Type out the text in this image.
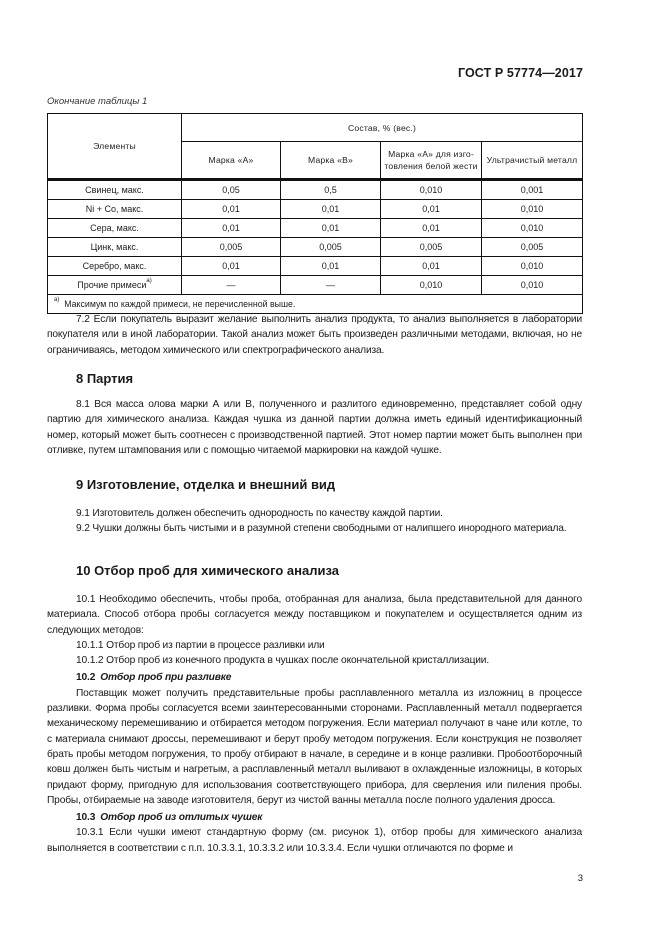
ГОСТ Р 57774—2017
Окончание таблицы 1
Элементы	Состав, % (вес.)			
	Марка «А»	Марка «В»	Марка «А» для изго-товления белой жести	Ультрачистый металл
Свинец, макс.	0,05	0,5	0,010	0,001
Ni + Co, макс.	0,01	0,01	0,01	0,010
Сера, макс.	0,01	0,01	0,01	0,010
Цинк, макс.	0,005	0,005	0,005	0,005
Серебро, макс.	0,01	0,01	0,01	0,010
Прочие примеси$^{a)}$	—	—	0,010	0,010
$^{a)}$ Максимум по каждой примеси, не перечисленной выше.				

7.2 Если покупатель выразит желание выполнить анализ продукта, то анализ выполняется в лаборатории покупателя или в иной лаборатории. Такой анализ может быть произведен различными методами, включая, но не ограничиваясь, методом химического или спектрографического анализа.

8 Партия

8.1 Вся масса олова марки А или В, полученного и разлитого единовременно, представляет собой одну партию для химического анализа. Каждая чушка из данной партии должна иметь единый идентификационный номер, который может быть соотнесен с производственной партией. Этот номер партии может быть выполнен при отливке, путем штампования или с помощью читаемой маркировки на каждой чушке.

9 Изготовление, отделка и внешний вид

9.1 Изготовитель должен обеспечить однородность по качеству каждой партии.

9.2 Чушки должны быть чистыми и в разумной степени свободными от налипшего инородного материала.

10 Отбор проб для химического анализа

10.1 Необходимо обеспечить, чтобы проба, отобранная для анализа, была представительной для данного материала. Способ отбора пробы согласуется между поставщиком и покупателем и осуществляется одним из следующих методов:

10.1.1 Отбор проб из партии в процессе разливки или

10.1.2 Отбор проб из конечного продукта в чушках после окончательной кристаллизации.

10.2 Отбор проб при разливке

Поставщик может получить представительные пробы расплавленного металла из изложниц в процессе разливки. Форма пробы согласуется всеми заинтересованными сторонами. Расплавленный металл подвергается механическому перемешиванию и отбирается методом погружения. Если материал получают в чане или котле, то с материала снимают дроссы, перемешивают и берут пробу методом погружения. Если конструкция не позволяет брать пробы методом погружения, то пробу отбирают в начале, в середине и в конце разливки. Пробоотборочный ковш должен быть чистым и нагретым, а расплавленный металл выливают в охлажденные изложницы, в которых придают форму, пригодную для использования соответствующего прибора, для сверления или пиления пробы. Пробы, отбираемые на заводе изготовителя, берут из чистой ванны металла после полного удаления дросса.

10.3 Отбор проб из отлитых чушек

10.3.1 Если чушки имеют стандартную форму (см. рисунок 1), отбор пробы для химического анализа выполняется в соответствии с п.п. 10.3.3.1, 10.3.3.2 или 10.3.3.4. Если чушки отличаются по форме и

3
